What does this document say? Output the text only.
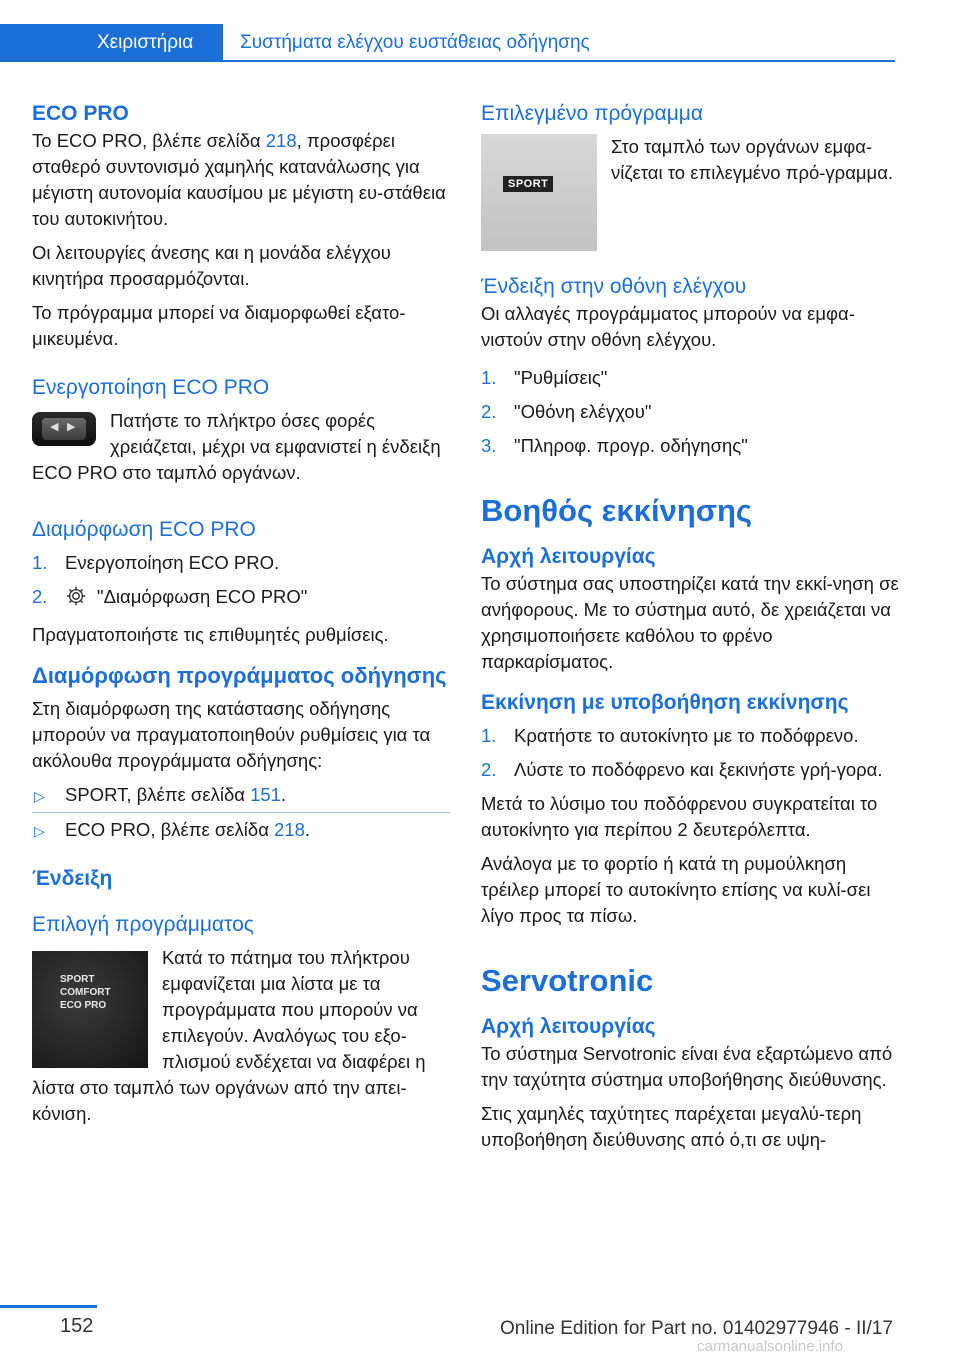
Χειριστήρια	Συστήματα ελέγχου ευστάθειας οδήγησης
ECO PRO

Το ECO PRO, βλέπε σελίδα 218, προσφέρει σταθερό συντονισμό χαμηλής κατανάλωσης για μέγιστη αυτονομία καυσίμου με μέγιστη ευ-στάθεια του αυτοκινήτου.

Οι λειτουργίες άνεσης και η μονάδα ελέγχου κινητήρα προσαρμόζονται.

Το πρόγραμμα μπορεί να διαμορφωθεί εξατο-μικευμένα.

Ενεργοποίηση ECO PRO
◀ ▶	Πατήστε το πλήκτρο όσες φορές χρειάζεται, μέχρι να εμφανιστεί η ένδειξη ECO PRO στο ταμπλό οργάνων.

Διαμόρφωση ECO PRO
1. Ενεργοποίηση ECO PRO.
2.	"Διαμόρφωση ECO PRO"

Πραγματοποιήστε τις επιθυμητές ρυθμίσεις.

Διαμόρφωση προγράμματος οδήγησης

Στη διαμόρφωση της κατάστασης οδήγησης μπορούν να πραγματοποιηθούν ρυθμίσεις για τα ακόλουθα προγράμματα οδήγησης:

▷ SPORT, βλέπε σελίδα 151.
▷ ECO PRO, βλέπε σελίδα 218.
Ένδειξη
Επιλογή προγράμματος
SPORT
COMFORT
ECO PRO

Κατά το πάτημα του πλήκτρου εμφανίζεται μια λίστα με τα προγράμματα που μπορούν να επιλεγούν. Αναλόγως του εξο-πλισμού ενδέχεται να διαφέρει η λίστα στο ταμπλό των οργάνων από την απει-κόνιση.

Επιλεγμένο πρόγραμμα
SPORT

Στο ταμπλό των οργάνων εμφα-νίζεται το επιλεγμένο πρό-γραμμα.

Ένδειξη στην οθόνη ελέγχου

Οι αλλαγές προγράμματος μπορούν να εμφα-νιστούν στην οθόνη ελέγχου.

1. "Ρυθμίσεις"
2. "Οθόνη ελέγχου"
3. "Πληροφ. προγρ. οδήγησης"
Βοηθός εκκίνησης
Αρχή λειτουργίας

Το σύστημα σας υποστηρίζει κατά την εκκί-νηση σε ανήφορους. Με το σύστημα αυτό, δε χρειάζεται να χρησιμοποιήσετε καθόλου το φρένο παρκαρίσματος.

Εκκίνηση με υποβοήθηση εκκίνησης
1. Κρατήστε το αυτοκίνητο με το ποδόφρενο.
2. Λύστε το ποδόφρενο και ξεκινήστε γρή-γορα.

Μετά το λύσιμο του ποδόφρενου συγκρατείται το αυτοκίνητο για περίπου 2 δευτερόλεπτα.

Ανάλογα με το φορτίο ή κατά τη ρυμούλκηση τρέιλερ μπορεί το αυτοκίνητο επίσης να κυλί-σει λίγο προς τα πίσω.

Servotronic
Αρχή λειτουργίας

Το σύστημα Servotronic είναι ένα εξαρτώμενο από την ταχύτητα σύστημα υποβοήθησης διεύθυνσης.

Στις χαμηλές ταχύτητες παρέχεται μεγαλύ-τερη υποβοήθηση διεύθυνσης από ό,τι σε υψη-

152	Online Edition for Part no. 01402977946 - II/17
carmanualsonline.info
